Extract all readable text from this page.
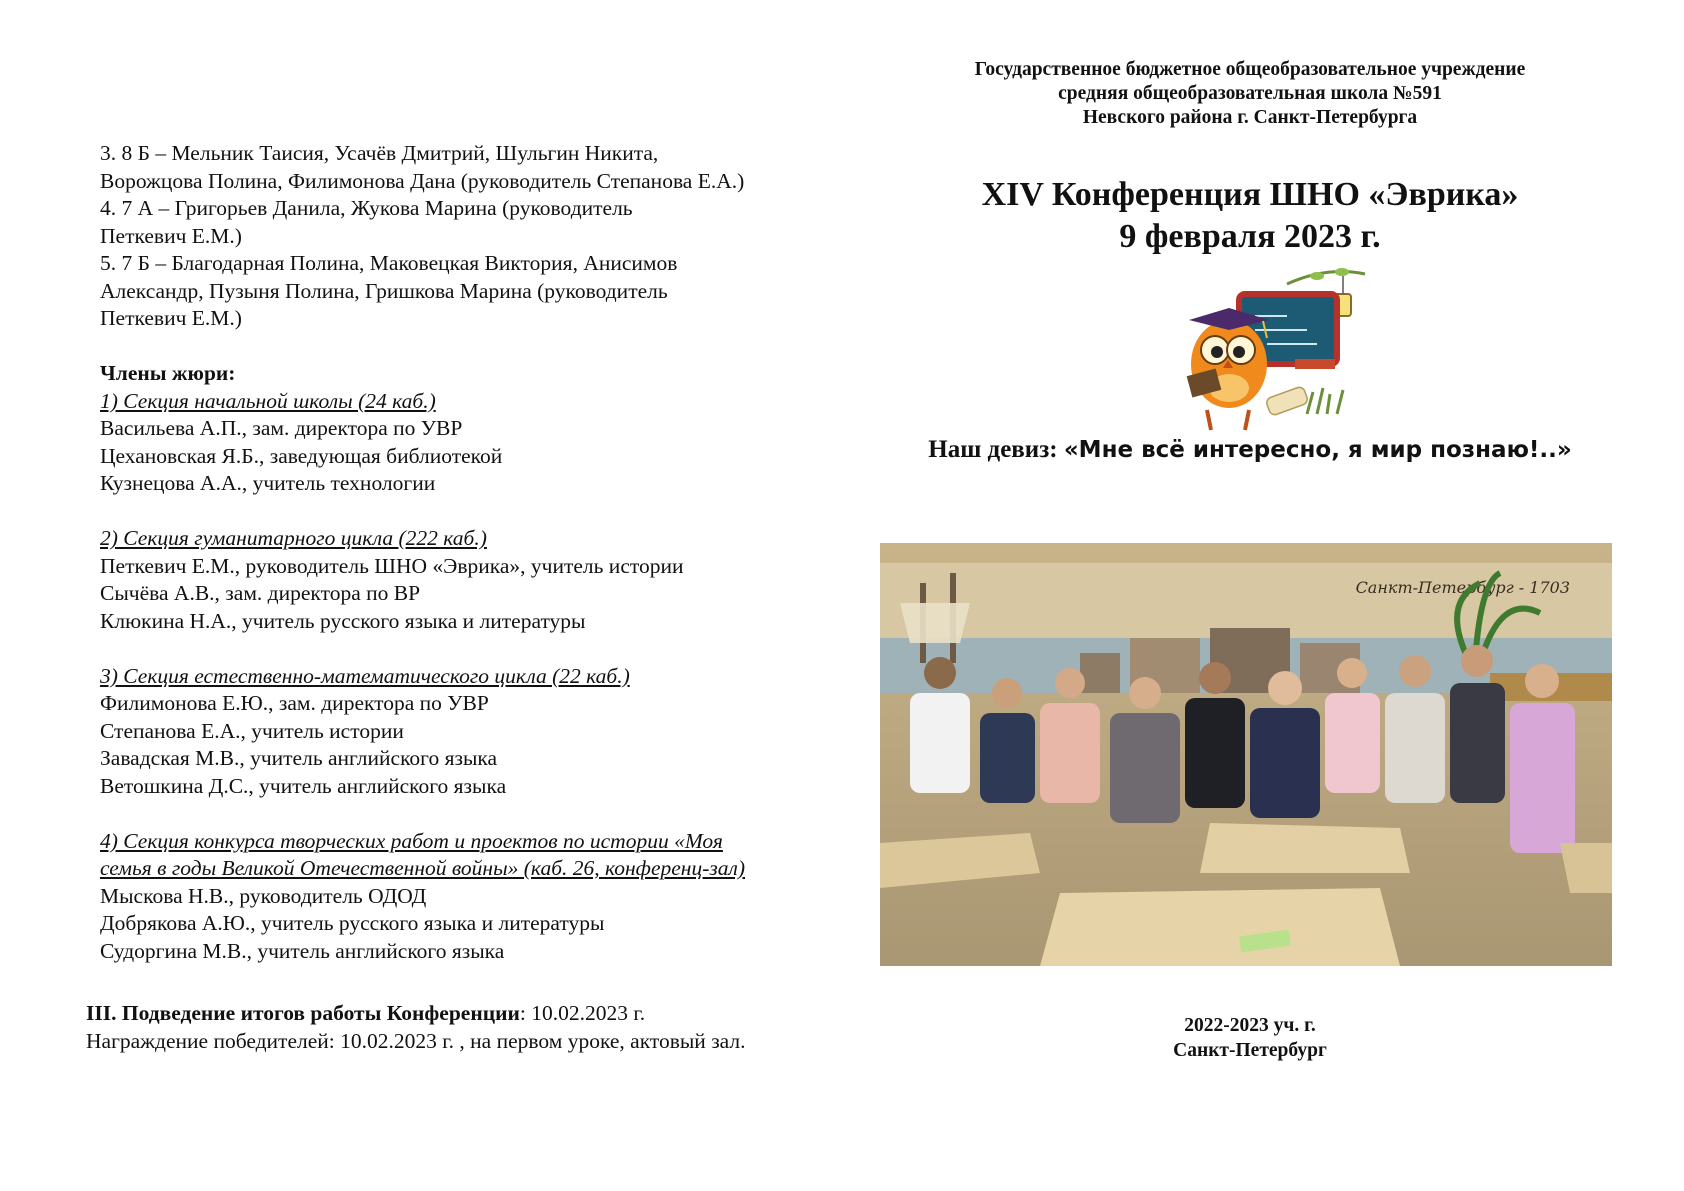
3. 8 Б – Мельник Таисия, Усачёв Дмитрий, Шульгин Никита,

Ворожцова Полина, Филимонова Дана (руководитель Степанова Е.А.)

4. 7 А – Григорьев Данила, Жукова Марина (руководитель

Петкевич Е.М.)

5. 7 Б – Благодарная Полина, Маковецкая Виктория, Анисимов

Александр, Пузыня Полина, Гришкова Марина (руководитель

Петкевич Е.М.)

Члены жюри:

1) Секция начальной школы (24 каб.)

Васильева А.П., зам. директора по УВР

Цехановская Я.Б., заведующая библиотекой

Кузнецова А.А., учитель технологии

2) Секция гуманитарного цикла (222 каб.)

Петкевич Е.М., руководитель ШНО «Эврика», учитель истории

Сычёва А.В., зам. директора по ВР

Клюкина Н.А., учитель русского языка и литературы

3) Секция естественно-математического цикла (22 каб.)

Филимонова Е.Ю., зам. директора по УВР

Степанова Е.А., учитель истории

Завадская М.В., учитель английского языка

Ветошкина Д.С., учитель английского языка

4) Секция конкурса творческих работ и проектов по истории «Моя

семья в годы Великой Отечественной войны» (каб. 26, конференц-зал)

Мыскова Н.В., руководитель ОДОД

Добрякова А.Ю., учитель русского языка и литературы

Судоргина М.В., учитель английского языка

III. Подведение итогов работы Конференции: 10.02.2023 г.

Награждение победителей: 10.02.2023 г. , на первом уроке, актовый зал.

Государственное бюджетное общеобразовательное учреждение
средняя общеобразовательная школа №591
Невского района г. Санкт-Петербурга
XIV Конференция ШНО «Эврика»
9 февраля 2023 г.
Наш девиз: «Мне всё интересно, я мир познаю!..»
Санкт-Петербург - 1703
2022-2023 уч. г.
Санкт-Петербург
